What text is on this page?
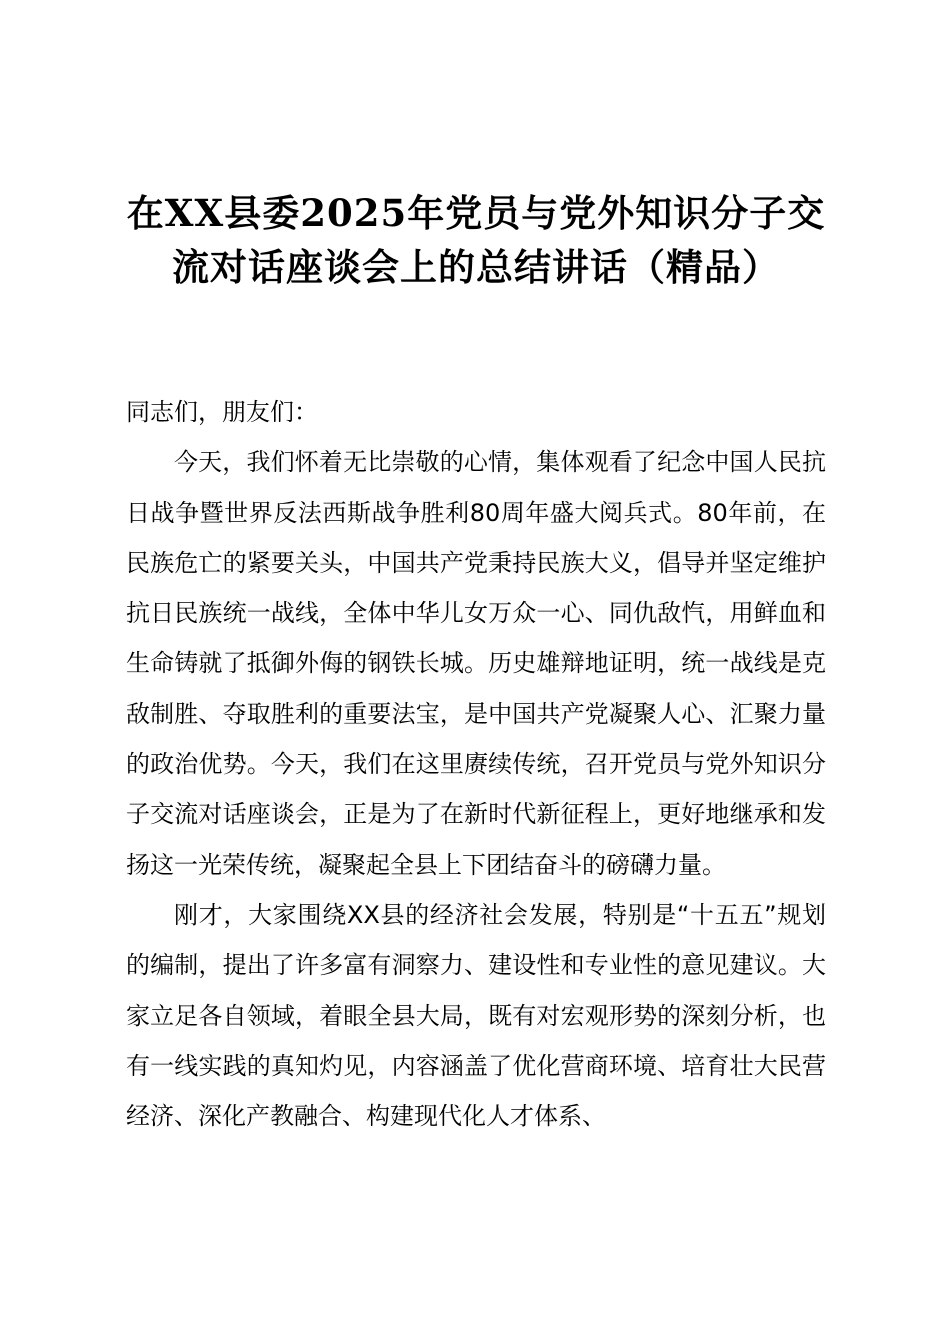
在XX县委2025年党员与党外知识分子交流对话座谈会上的总结讲话（精品）

同志们，朋友们：

今天，我们怀着无比崇敬的心情，集体观看了纪念中国人民抗日战争暨世界反法西斯战争胜利80周年盛大阅兵式。80年前，在民族危亡的紧要关头，中国共产党秉持民族大义，倡导并坚定维护抗日民族统一战线，全体中华儿女万众一心、同仇敌忾，用鲜血和生命铸就了抵御外侮的钢铁长城。历史雄辩地证明，统一战线是克敌制胜、夺取胜利的重要法宝，是中国共产党凝聚人心、汇聚力量的政治优势。今天，我们在这里赓续传统，召开党员与党外知识分子交流对话座谈会，正是为了在新时代新征程上，更好地继承和发扬这一光荣传统，凝聚起全县上下团结奋斗的磅礴力量。

刚才，大家围绕XX县的经济社会发展，特别是“十五五”规划的编制，提出了许多富有洞察力、建设性和专业性的意见建议。大家立足各自领域，着眼全县大局，既有对宏观形势的深刻分析，也有一线实践的真知灼见，内容涵盖了优化营商环境、培育壮大民营经济、深化产教融合、构建现代化人才体系、
